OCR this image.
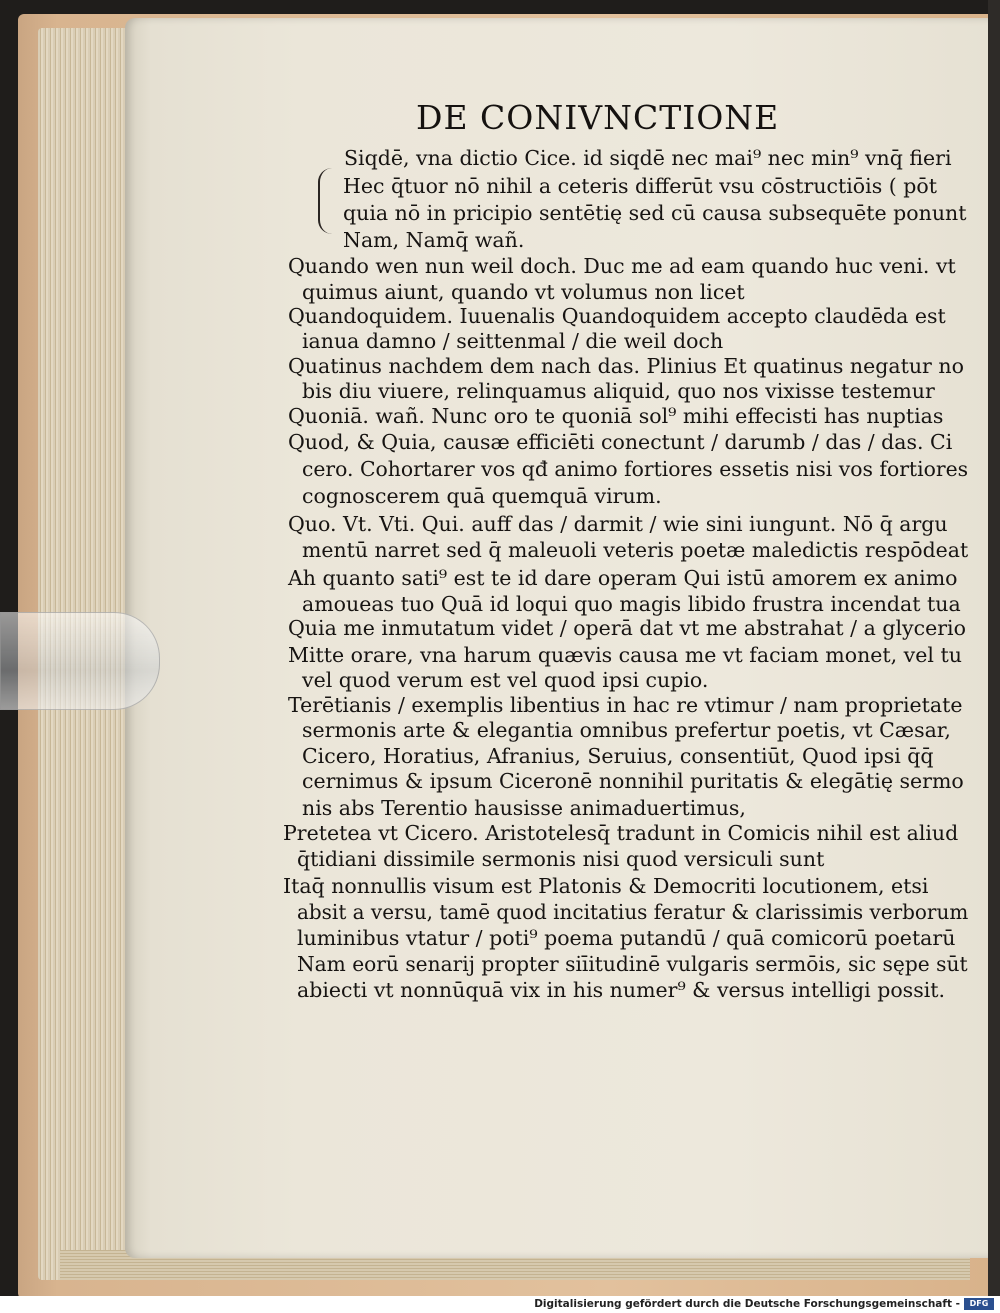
DE CONIVNCTIONE
Siqdē, vna dictio Cice. id siqdē nec mai⁹ nec min⁹ vnq̄ fieri
Hec q̄tuor nō nihil a ceteris differūt vsu cōstructiōis ( pōt
quia nō in pricipio sentētię sed cū causa subsequēte ponunt
Nam, Namq̄ wañ.
Quando wen nun weil doch. Duc me ad eam quando huc veni. vt
quimus aiunt, quando vt volumus non licet
Quandoquidem. Iuuenalis Quandoquidem accepto claudēda est
ianua damno / seittenmal / die weil doch
Quatinus nachdem dem nach das. Plinius Et quatinus negatur no
bis diu viuere, relinquamus aliquid, quo nos vixisse testemur
Quoniā. wañ. Nunc oro te quoniā sol⁹ mihi effecisti has nuptias
Quod, & Quia, causæ efficiēti conectunt / darumb / das / das. Ci
cero. Cohortarer vos qđ animo fortiores essetis nisi vos fortiores
cognoscerem quā quemquā virum.
Quo. Vt. Vti. Qui. auff das / darmit / wie sini iungunt. Nō q̄ argu
mentū narret sed q̄ maleuoli veteris poetæ maledictis respōdeat
Ah quanto sati⁹ est te id dare operam Qui istū amorem ex animo
amoueas tuo Quā id loqui quo magis libido frustra incendat tua
Quia me inmutatum videt / operā dat vt me abstrahat / a glycerio
Mitte orare, vna harum quævis causa me vt faciam monet, vel tu
vel quod verum est vel quod ipsi cupio.
Terētianis / exemplis libentius in hac re vtimur / nam proprietate
sermonis arte & elegantia omnibus prefertur poetis, vt Cæsar,
Cicero, Horatius, Afranius, Seruius, consentiūt, Quod ipsi q̄q̄
cernimus & ipsum Ciceronē nonnihil puritatis & elegātię sermo
nis abs Terentio hausisse animaduertimus,
Pretetea vt Cicero. Aristotelesq̄ tradunt in Comicis nihil est aliud
q̄tidiani dissimile sermonis nisi quod versiculi sunt
Itaq̄ nonnullis visum est Platonis & Democriti locutionem, etsi
absit a versu, tamē quod incitatius feratur & clarissimis verborum
luminibus vtatur / poti⁹ poema putandū / quā comicorū poetarū
Nam eorū senarij propter siīitudinē vulgaris sermōis, sic sępe sūt
abiecti vt nonnūquā vix in his numer⁹ & versus intelligi possit.
Digitalisierung gefördert durch die Deutsche Forschungsgemeinschaft -	DFG
